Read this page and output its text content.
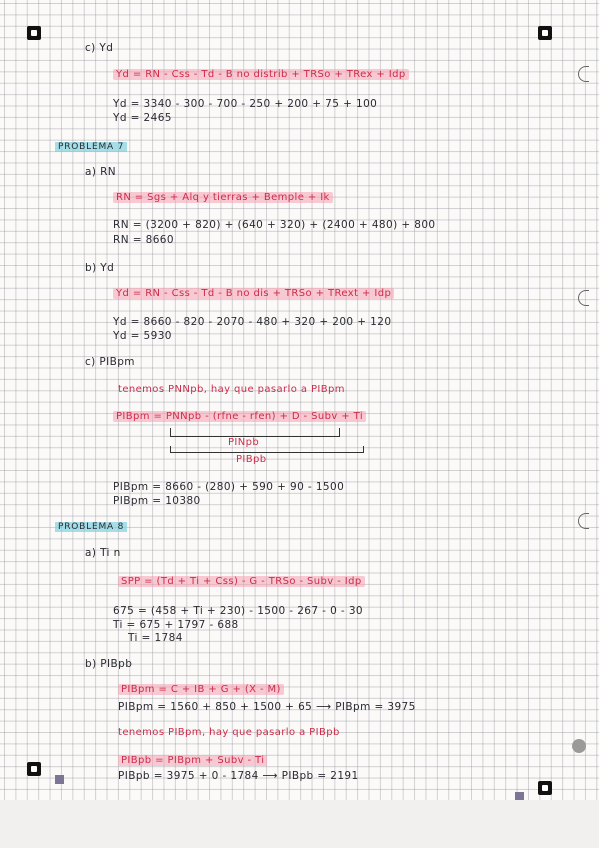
c) Yd
Yd = RN - Css - Td - B no distrib + TRSo + TRex + Idp
Yd = 3340 - 300 - 700 - 250 + 200 + 75 + 100
Yd = 2465
PROBLEMA 7
a) RN
RN = Sgs + Alq y tierras + Bemple + Ik
RN = (3200 + 820) + (640 + 320) + (2400 + 480) + 800
RN = 8660
b) Yd
Yd = RN - Css - Td - B no dis + TRSo + TRext + Idp
Yd = 8660 - 820 - 2070 - 480 + 320 + 200 + 120
Yd = 5930
c) PIBpm
tenemos PNNpb, hay que pasarlo a PIBpm
PIBpm = PNNpb - (rfne - rfen) + D - Subv + Ti
PINpb
PIBpb
PIBpm = 8660 - (280) + 590 + 90 - 1500
PIBpm = 10380
PROBLEMA 8
a) Ti n
SPP = (Td + Ti + Css) - G - TRSo - Subv - Idp
675 = (458 + Ti + 230) - 1500 - 267 - 0 - 30
Ti = 675 + 1797 - 688
Ti = 1784
b) PIBpb
PIBpm = C + IB + G + (X - M)
PIBpm = 1560 + 850 + 1500 + 65 ⟶ PIBpm = 3975
tenemos PIBpm, hay que pasarlo a PIBpb
PIBpb = PIBpm + Subv - Ti
PIBpb = 3975 + 0 - 1784 ⟶ PIBpb = 2191
